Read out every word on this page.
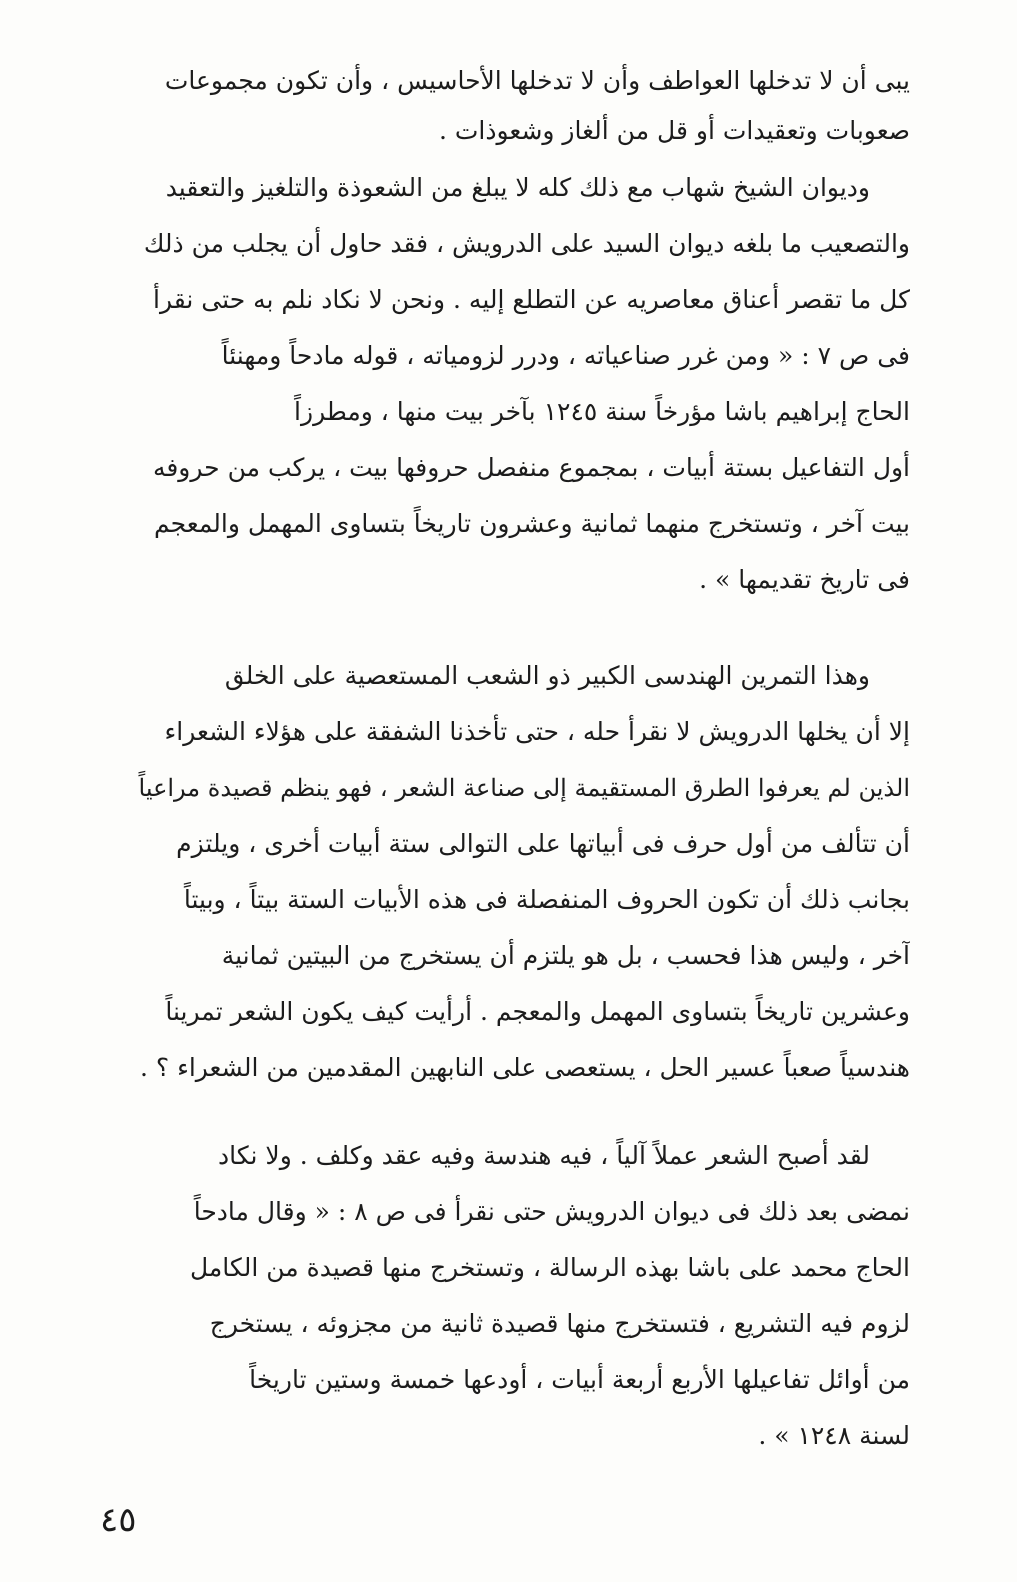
يبى أن لا تدخلها العواطف وأن لا تدخلها الأحاسيس ، وأن تكون مجموعات
صعوبات وتعقيدات أو قل من ألغاز وشعوذات .
وديوان الشيخ شهاب مع ذلك كله لا يبلغ من الشعوذة والتلغيز والتعقيد
والتصعيب ما بلغه ديوان السيد على الدرويش ، فقد حاول أن يجلب من ذلك
كل ما تقصر أعناق معاصريه عن التطلع إليه . ونحن لا نكاد نلم به حتى نقرأ
فى ص ٧ : « ومن غرر صناعياته ، ودرر لزومياته ، قوله مادحاً ومهنئاً
الحاج إبراهيم باشا مؤرخاً سنة ١٢٤٥ بآخر بيت منها ، ومطرزاً
أول التفاعيل بستة أبيات ، بمجموع منفصل حروفها بيت ، يركب من حروفه
بيت آخر ، وتستخرج منهما ثمانية وعشرون تاريخاً بتساوى المهمل والمعجم
فى تاريخ تقديمها » .
وهذا التمرين الهندسى الكبير ذو الشعب المستعصية على الخلق
إلا أن يخلها الدرويش لا نقرأ حله ، حتى تأخذنا الشفقة على هؤلاء الشعراء
الذين لم يعرفوا الطرق المستقيمة إلى صناعة الشعر ، فهو ينظم قصيدة مراعياً
أن تتألف من أول حرف فى أبياتها على التوالى ستة أبيات أخرى ، ويلتزم
بجانب ذلك أن تكون الحروف المنفصلة فى هذه الأبيات الستة بيتاً ، وبيتاً
آخر ، وليس هذا فحسب ، بل هو يلتزم أن يستخرج من البيتين ثمانية
وعشرين تاريخاً بتساوى المهمل والمعجم . أرأيت كيف يكون الشعر تمريناً
هندسياً صعباً عسير الحل ، يستعصى على النابهين المقدمين من الشعراء ؟ .
لقد أصبح الشعر عملاً آلياً ، فيه هندسة وفيه عقد وكلف . ولا نكاد
نمضى بعد ذلك فى ديوان الدرويش حتى نقرأ فى ص ٨ : « وقال مادحاً
الحاج محمد على باشا بهذه الرسالة ، وتستخرج منها قصيدة من الكامل
لزوم فيه التشريع ، فتستخرج منها قصيدة ثانية من مجزوئه ، يستخرج
من أوائل تفاعيلها الأربع أربعة أبيات ، أودعها خمسة وستين تاريخاً
لسنة ١٢٤٨ » .
٤٥
